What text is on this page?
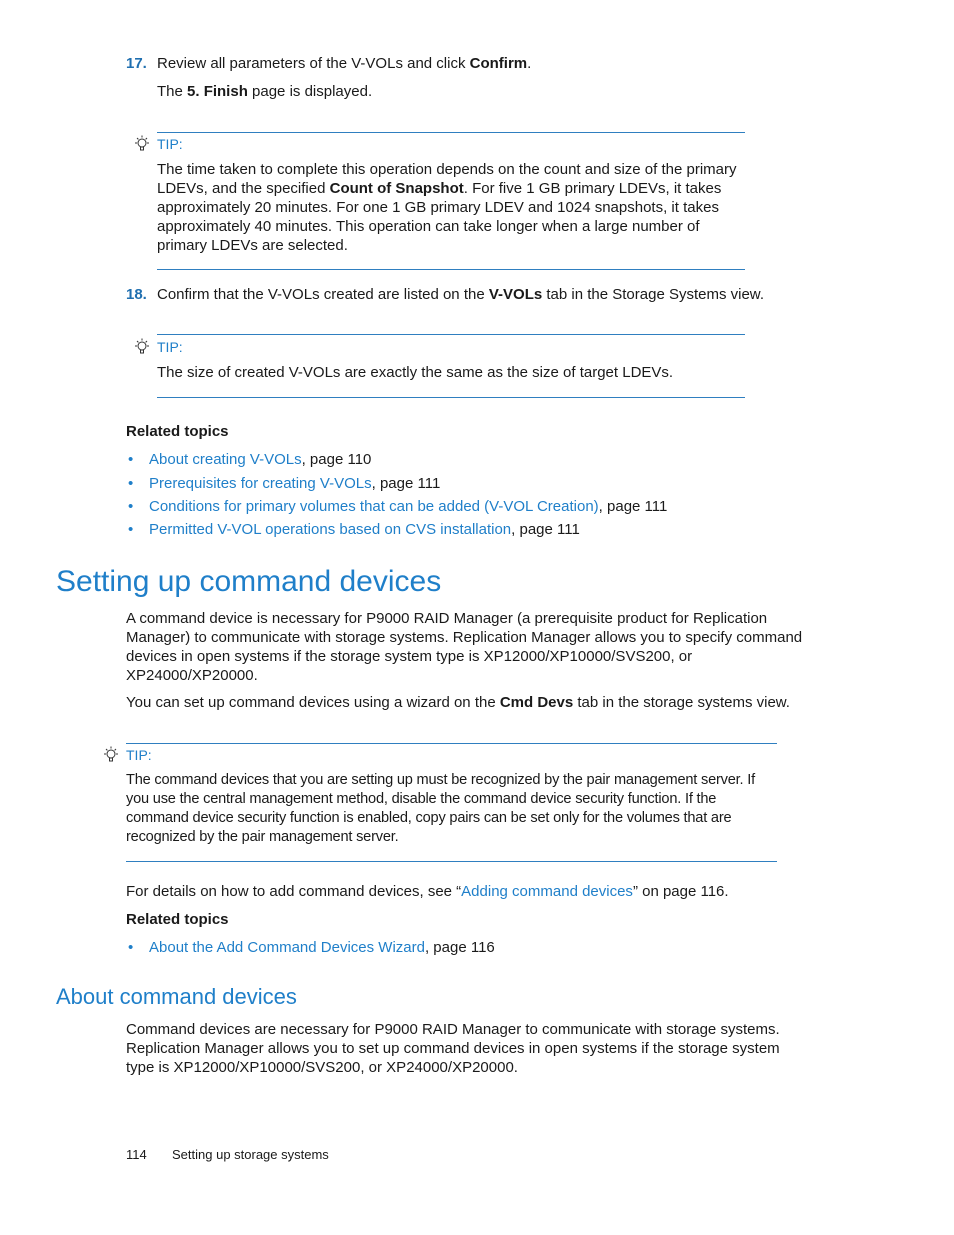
17. Review all parameters of the V-VOLs and click Confirm.
The 5. Finish page is displayed.
TIP:
The time taken to complete this operation depends on the count and size of the primary LDEVs, and the specified Count of Snapshot. For five 1 GB primary LDEVs, it takes approximately 20 minutes. For one 1 GB primary LDEV and 1024 snapshots, it takes approximately 40 minutes. This operation can take longer when a large number of primary LDEVs are selected.
18. Confirm that the V-VOLs created are listed on the V-VOLs tab in the Storage Systems view.
TIP:
The size of created V-VOLs are exactly the same as the size of target LDEVs.
Related topics
• About creating V-VOLs, page 110
• Prerequisites for creating V-VOLs, page 111
• Conditions for primary volumes that can be added (V-VOL Creation), page 111
• Permitted V-VOL operations based on CVS installation, page 111
Setting up command devices
A command device is necessary for P9000 RAID Manager (a prerequisite product for Replication Manager) to communicate with storage systems. Replication Manager allows you to specify command devices in open systems if the storage system type is XP12000/XP10000/SVS200, or XP24000/XP20000.
You can set up command devices using a wizard on the Cmd Devs tab in the storage systems view.
TIP:
The command devices that you are setting up must be recognized by the pair management server. If you use the central management method, disable the command device security function. If the command device security function is enabled, copy pairs can be set only for the volumes that are recognized by the pair management server.
For details on how to add command devices, see “Adding command devices” on page 116.
Related topics
• About the Add Command Devices Wizard, page 116
About command devices
Command devices are necessary for P9000 RAID Manager to communicate with storage systems. Replication Manager allows you to set up command devices in open systems if the storage system type is XP12000/XP10000/SVS200, or XP24000/XP20000.
114 Setting up storage systems
